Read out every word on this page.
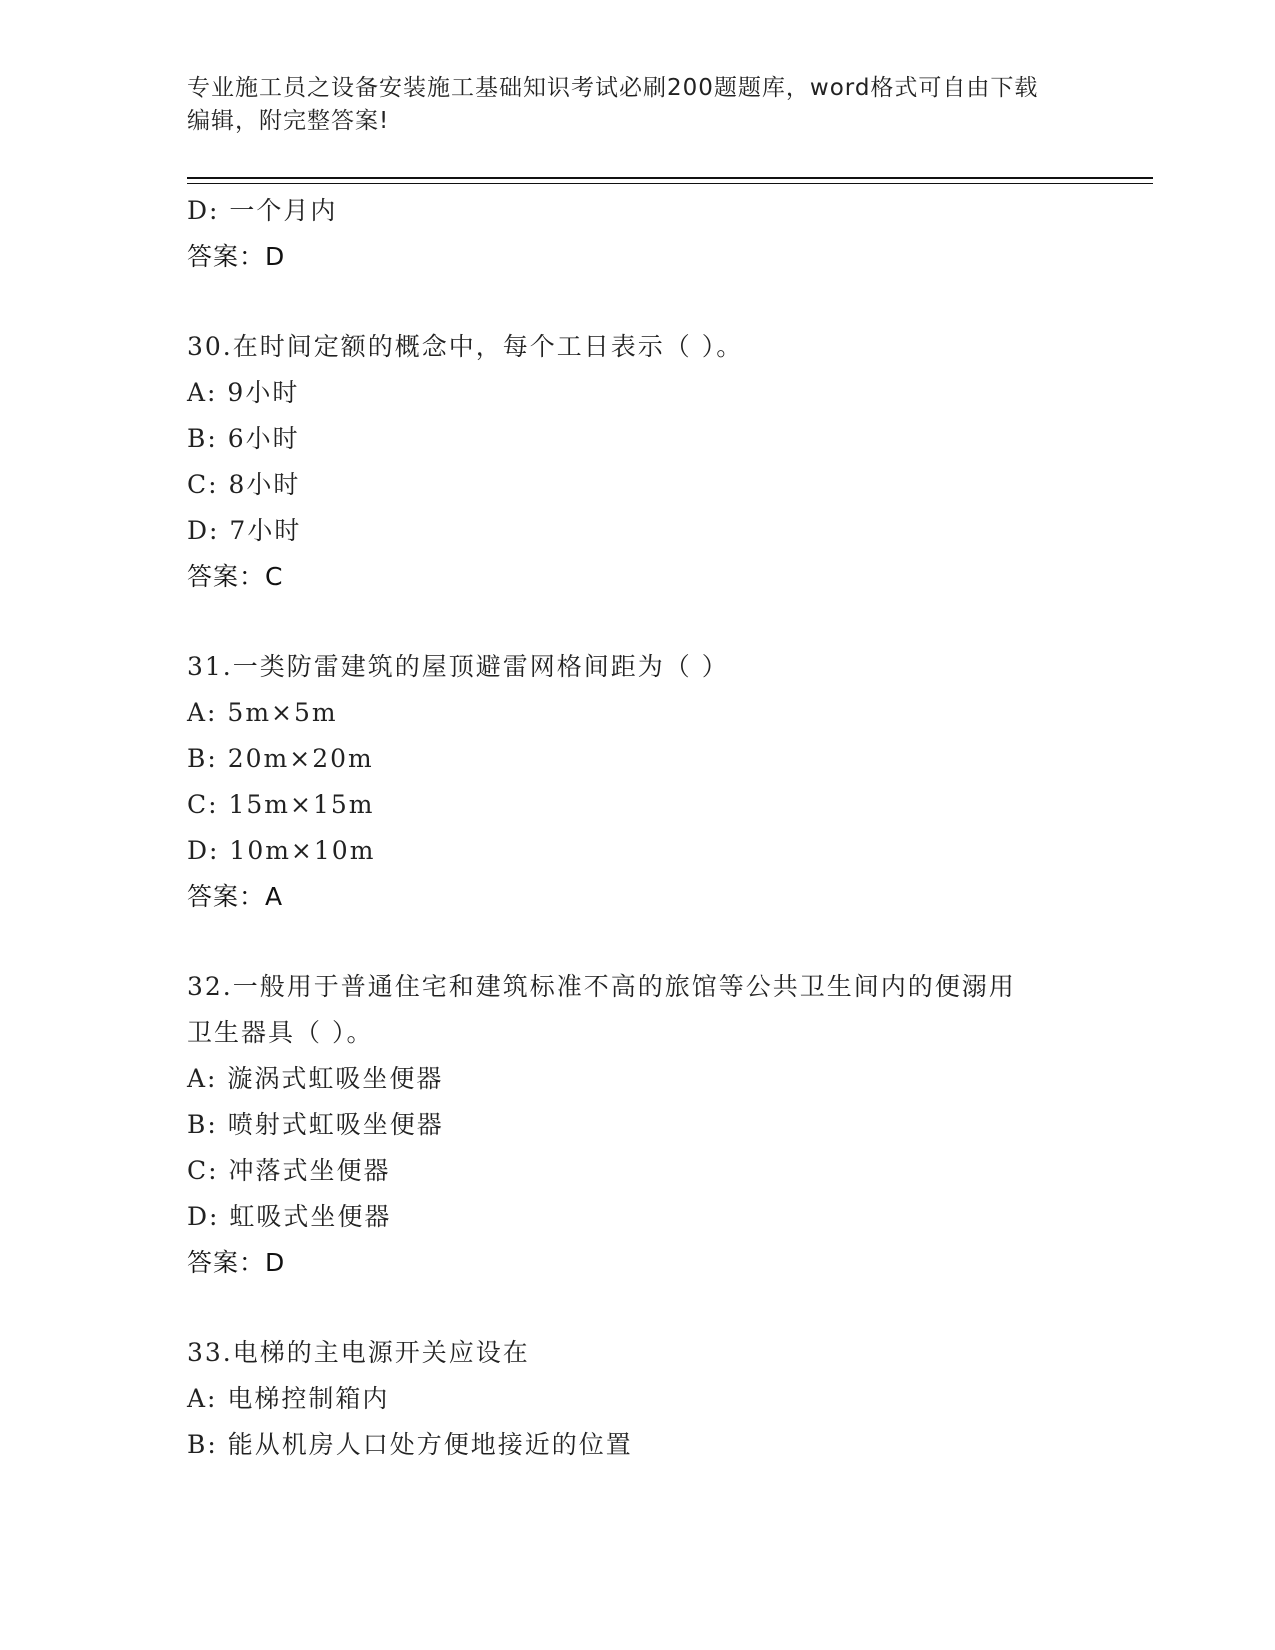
专业施工员之设备安装施工基础知识考试必刷200题题库，word格式可自由下载
编辑，附完整答案!
D: 一个月内
答案：D
30.在时间定额的概念中，每个工日表示（ ）。
A: 9小时
B: 6小时
C: 8小时
D: 7小时
答案：C
31.一类防雷建筑的屋顶避雷网格间距为（ ）
A: 5m×5m
B: 20m×20m
C: 15m×15m
D: 10m×10m
答案：A
32.一般用于普通住宅和建筑标准不高的旅馆等公共卫生间内的便溺用
卫生器具（ ）。
A: 漩涡式虹吸坐便器
B: 喷射式虹吸坐便器
C: 冲落式坐便器
D: 虹吸式坐便器
答案：D
33.电梯的主电源开关应设在
A: 电梯控制箱内
B: 能从机房人口处方便地接近的位置
